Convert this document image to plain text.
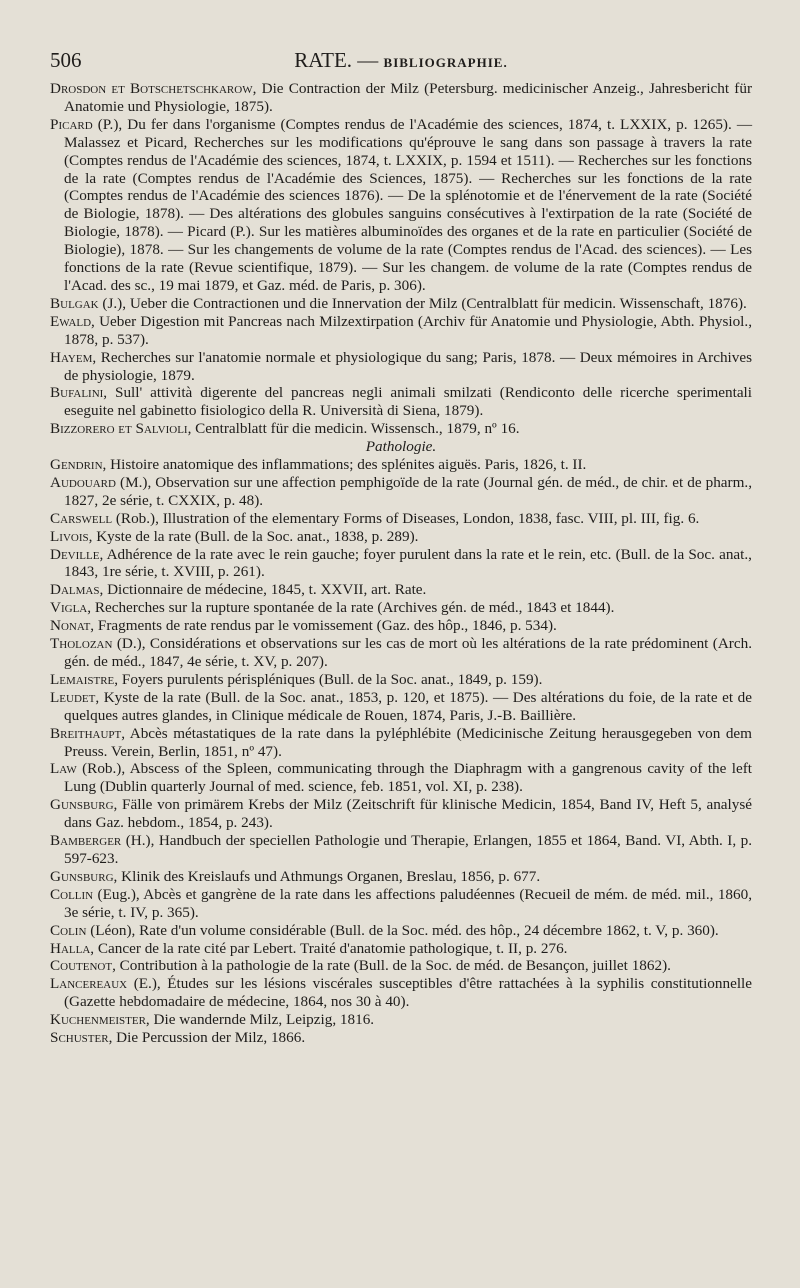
506	RATE. — BIBLIOGRAPHIE.

Drosdon et Botschetschkarow, Die Contraction der Milz (Petersburg. medicinischer Anzeig., Jahresbericht für Anatomie und Physiologie, 1875).

Picard (P.), Du fer dans l'organisme (Comptes rendus de l'Académie des sciences, 1874, t. LXXIX, p. 1265). — Malassez et Picard, Recherches sur les modifications qu'éprouve le sang dans son passage à travers la rate (Comptes rendus de l'Académie des sciences, 1874, t. LXXIX, p. 1594 et 1511). — Recherches sur les fonctions de la rate (Comptes rendus de l'Académie des Sciences, 1875). — Recherches sur les fonctions de la rate (Comptes rendus de l'Académie des sciences 1876). — De la splénotomie et de l'énervement de la rate (Société de Biologie, 1878). — Des altérations des globules sanguins consécutives à l'extirpation de la rate (Société de Biologie, 1878). — Picard (P.). Sur les matières albuminoïdes des organes et de la rate en particulier (Société de Biologie), 1878. — Sur les changements de volume de la rate (Comptes rendus de l'Acad. des sciences). — Les fonctions de la rate (Revue scientifique, 1879). — Sur les changem. de volume de la rate (Comptes rendus de l'Acad. des sc., 19 mai 1879, et Gaz. méd. de Paris, p. 306).

Bulgak (J.), Ueber die Contractionen und die Innervation der Milz (Centralblatt für medicin. Wissenschaft, 1876).

Ewald, Ueber Digestion mit Pancreas nach Milzextirpation (Archiv für Anatomie und Physiologie, Abth. Physiol., 1878, p. 537).

Hayem, Recherches sur l'anatomie normale et physiologique du sang; Paris, 1878. — Deux mémoires in Archives de physiologie, 1879.

Bufalini, Sull' attività digerente del pancreas negli animali smilzati (Rendiconto delle ricerche sperimentali eseguite nel gabinetto fisiologico della R. Università di Siena, 1879).

Bizzorero et Salvioli, Centralblatt für die medicin. Wissensch., 1879, nº 16.

Pathologie.

Gendrin, Histoire anatomique des inflammations; des splénites aiguës. Paris, 1826, t. II.

Audouard (M.), Observation sur une affection pemphigoïde de la rate (Journal gén. de méd., de chir. et de pharm., 1827, 2e série, t. CXXIX, p. 48).

Carswell (Rob.), Illustration of the elementary Forms of Diseases, London, 1838, fasc. VIII, pl. III, fig. 6.

Livois, Kyste de la rate (Bull. de la Soc. anat., 1838, p. 289).

Deville, Adhérence de la rate avec le rein gauche; foyer purulent dans la rate et le rein, etc. (Bull. de la Soc. anat., 1843, 1re série, t. XVIII, p. 261).

Dalmas, Dictionnaire de médecine, 1845, t. XXVII, art. Rate.

Vigla, Recherches sur la rupture spontanée de la rate (Archives gén. de méd., 1843 et 1844).

Nonat, Fragments de rate rendus par le vomissement (Gaz. des hôp., 1846, p. 534).

Tholozan (D.), Considérations et observations sur les cas de mort où les altérations de la rate prédominent (Arch. gén. de méd., 1847, 4e série, t. XV, p. 207).

Lemaistre, Foyers purulents périspléniques (Bull. de la Soc. anat., 1849, p. 159).

Leudet, Kyste de la rate (Bull. de la Soc. anat., 1853, p. 120, et 1875). — Des altérations du foie, de la rate et de quelques autres glandes, in Clinique médicale de Rouen, 1874, Paris, J.-B. Baillière.

Breithaupt, Abcès métastatiques de la rate dans la pyléphlébite (Medicinische Zeitung herausgegeben von dem Preuss. Verein, Berlin, 1851, nº 47).

Law (Rob.), Abscess of the Spleen, communicating through the Diaphragm with a gangrenous cavity of the left Lung (Dublin quarterly Journal of med. science, feb. 1851, vol. XI, p. 238).

Gunsburg, Fälle von primärem Krebs der Milz (Zeitschrift für klinische Medicin, 1854, Band IV, Heft 5, analysé dans Gaz. hebdom., 1854, p. 243).

Bamberger (H.), Handbuch der speciellen Pathologie und Therapie, Erlangen, 1855 et 1864, Band. VI, Abth. I, p. 597-623.

Gunsburg, Klinik des Kreislaufs und Athmungs Organen, Breslau, 1856, p. 677.

Collin (Eug.), Abcès et gangrène de la rate dans les affections paludéennes (Recueil de mém. de méd. mil., 1860, 3e série, t. IV, p. 365).

Colin (Léon), Rate d'un volume considérable (Bull. de la Soc. méd. des hôp., 24 décembre 1862, t. V, p. 360).

Halla, Cancer de la rate cité par Lebert. Traité d'anatomie pathologique, t. II, p. 276.

Coutenot, Contribution à la pathologie de la rate (Bull. de la Soc. de méd. de Besançon, juillet 1862).

Lancereaux (E.), Études sur les lésions viscérales susceptibles d'être rattachées à la syphilis constitutionnelle (Gazette hebdomadaire de médecine, 1864, nos 30 à 40).

Kuchenmeister, Die wandernde Milz, Leipzig, 1816.

Schuster, Die Percussion der Milz, 1866.
